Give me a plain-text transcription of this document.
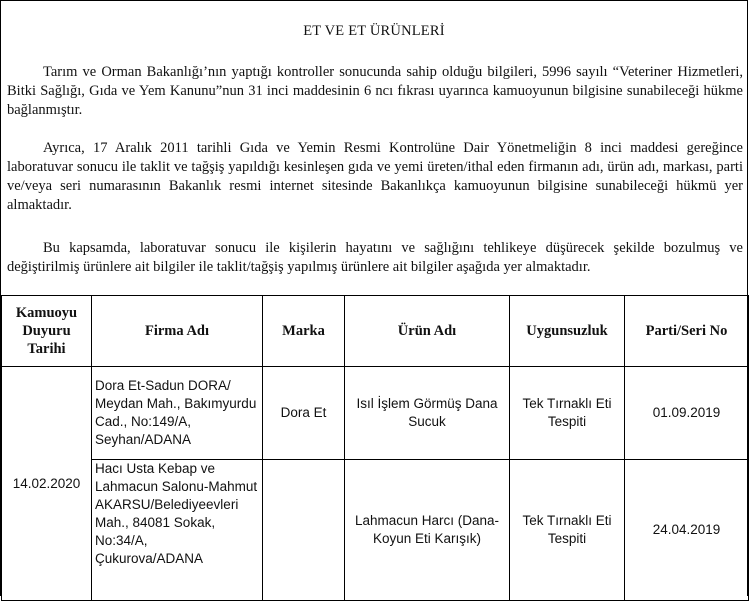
ET VE ET ÜRÜNLERİ

Tarım ve Orman Bakanlığı’nın yaptığı kontroller sonucunda sahip olduğu bilgileri, 5996 sayılı “Veteriner Hizmetleri, Bitki Sağlığı, Gıda ve Yem Kanunu”nun 31 inci maddesinin 6 ncı fıkrası uyarınca kamuoyunun bilgisine sunabileceği hükme bağlanmıştır.

Ayrıca, 17 Aralık 2011 tarihli Gıda ve Yemin Resmi Kontrolüne Dair Yönetmeliğin 8 inci maddesi gereğince laboratuvar sonucu ile taklit ve tağşiş yapıldığı kesinleşen gıda ve yemi üreten/ithal eden firmanın adı, ürün adı, markası, parti ve/veya seri numarasının Bakanlık resmi internet sitesinde Bakanlıkça kamuoyunun bilgisine sunabileceği hükmü yer almaktadır.

Bu kapsamda, laboratuvar sonucu ile kişilerin hayatını ve sağlığını tehlikeye düşürecek şekilde bozulmuş ve değiştirilmiş ürünlere ait bilgiler ile taklit/tağşiş yapılmış ürünlere ait bilgiler aşağıda yer almaktadır.

Kamuoyu Duyuru Tarihi	Firma Adı	Marka	Ürün Adı	Uygunsuzluk	Parti/Seri No
14.02.2020	Dora Et-Sadun DORA/ Meydan Mah., Bakımyurdu Cad., No:149/A, Seyhan/ADANA	Dora Et	Isıl İşlem Görmüş Dana Sucuk	Tek Tırnaklı Eti Tespiti	01.09.2019
	Hacı Usta Kebap ve Lahmacun Salonu-Mahmut AKARSU/Belediyeevleri Mah., 84081 Sokak, No:34/A, Çukurova/ADANA		Lahmacun Harcı (Dana-Koyun Eti Karışık)	Tek Tırnaklı Eti Tespiti	24.04.2019
